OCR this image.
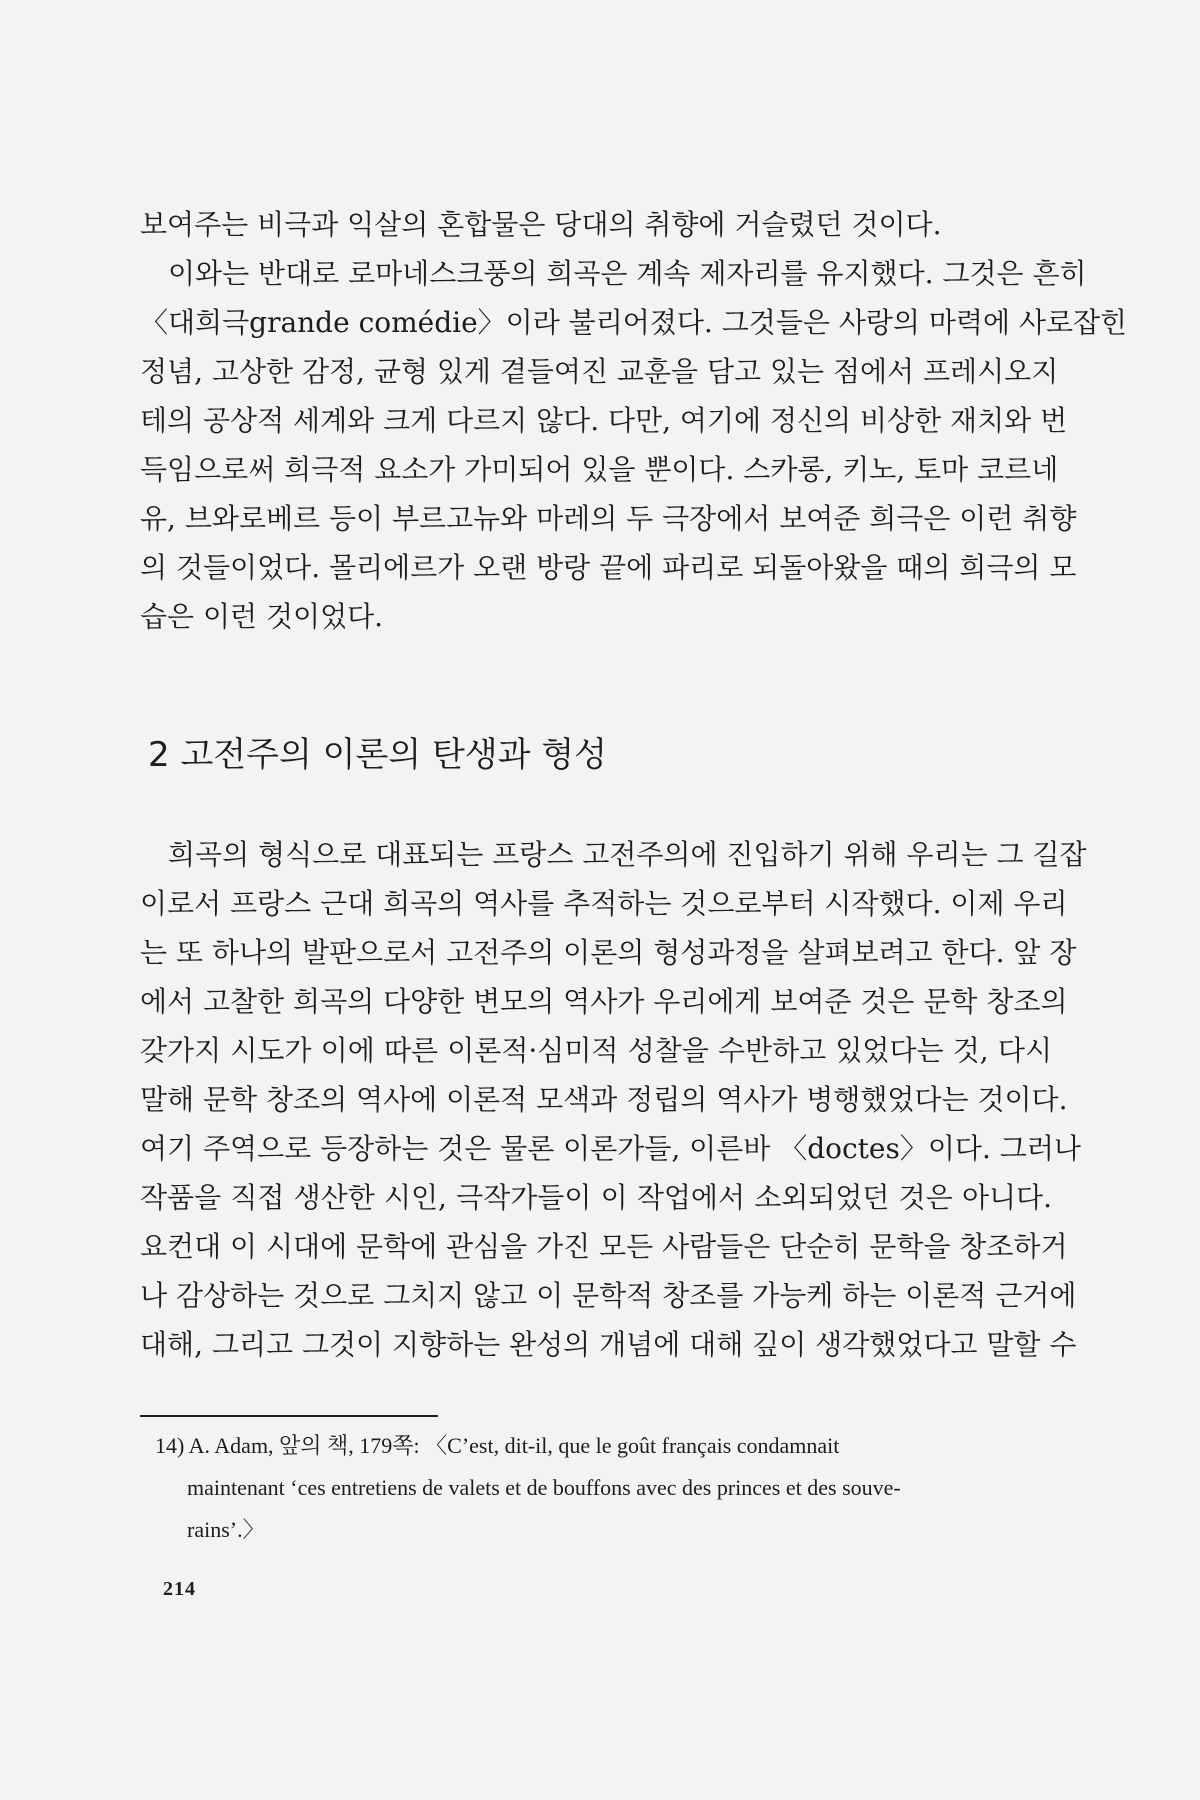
보여주는 비극과 익살의 혼합물은 당대의 취향에 거슬렸던 것이다.
　이와는 반대로 로마네스크풍의 희곡은 계속 제자리를 유지했다. 그것은 흔히
〈대희극grande comédie〉이라 불리어졌다. 그것들은 사랑의 마력에 사로잡힌
정념, 고상한 감정, 균형 있게 곁들여진 교훈을 담고 있는 점에서 프레시오지
테의 공상적 세계와 크게 다르지 않다. 다만, 여기에 정신의 비상한 재치와 번
득임으로써 희극적 요소가 가미되어 있을 뿐이다. 스카롱, 키노, 토마 코르네
유, 브와로베르 등이 부르고뉴와 마레의 두 극장에서 보여준 희극은 이런 취향
의 것들이었다. 몰리에르가 오랜 방랑 끝에 파리로 되돌아왔을 때의 희극의 모
습은 이런 것이었다.
2 고전주의 이론의 탄생과 형성
　희곡의 형식으로 대표되는 프랑스 고전주의에 진입하기 위해 우리는 그 길잡
이로서 프랑스 근대 희곡의 역사를 추적하는 것으로부터 시작했다. 이제 우리
는 또 하나의 발판으로서 고전주의 이론의 형성과정을 살펴보려고 한다. 앞 장
에서 고찰한 희곡의 다양한 변모의 역사가 우리에게 보여준 것은 문학 창조의
갖가지 시도가 이에 따른 이론적·심미적 성찰을 수반하고 있었다는 것, 다시
말해 문학 창조의 역사에 이론적 모색과 정립의 역사가 병행했었다는 것이다.
여기 주역으로 등장하는 것은 물론 이론가들, 이른바 〈doctes〉이다. 그러나
작품을 직접 생산한 시인, 극작가들이 이 작업에서 소외되었던 것은 아니다.
요컨대 이 시대에 문학에 관심을 가진 모든 사람들은 단순히 문학을 창조하거
나 감상하는 것으로 그치지 않고 이 문학적 창조를 가능케 하는 이론적 근거에
대해, 그리고 그것이 지향하는 완성의 개념에 대해 깊이 생각했었다고 말할 수
14) A. Adam, 앞의 책, 179쪽: 〈C’est, dit-il, que le goût français condamnait
maintenant ‘ces entretiens de valets et de bouffons avec des princes et des souve-
rains’.〉
214
